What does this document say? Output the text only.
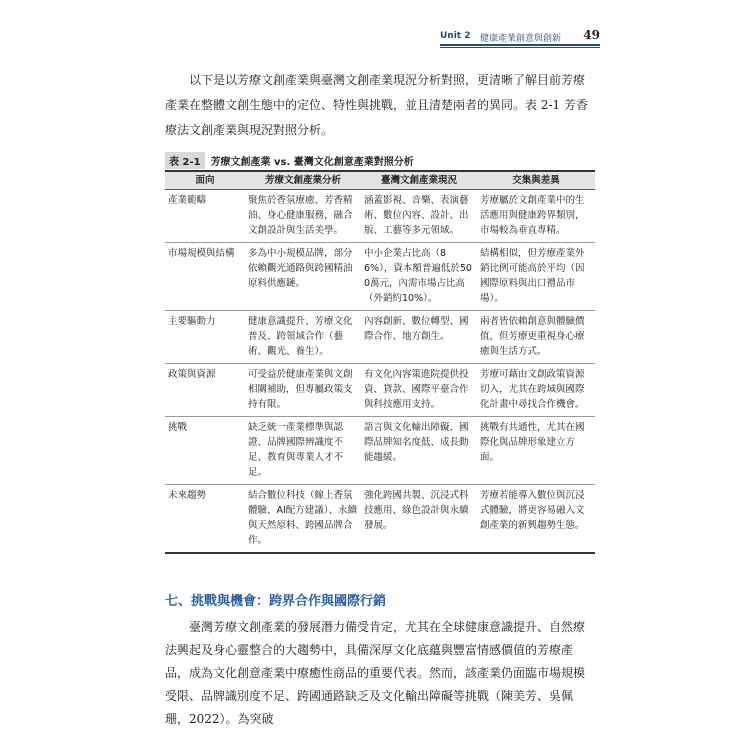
Unit 2 健康產業創意與創新 49

以下是以芳療文創產業與臺灣文創產業現況分析對照，更清晰了解目前芳療產業在整體文創生態中的定位、特性與挑戰，並且清楚兩者的異同。表 2-1 芳香療法文創產業與現況對照分析。

表 2-1 芳療文創產業 vs. 臺灣文化創意產業對照分析
面向	芳療文創產業分析	臺灣文創產業現況	交集與差異
產業範疇	聚焦於香氛療癒、芳香精油、身心健康服務，融合文創設計與生活美學。	涵蓋影視、音樂、表演藝術、數位內容、設計、出版、工藝等多元領域。	芳療屬於文創產業中的生活應用與健康跨界類別，市場較為垂直專精。
市場規模與結構	多為中小規模品牌，部分依賴觀光通路與跨國精油原料供應鏈。	中小企業占比高（86%），資本額普遍低於500萬元，內需市場占比高（外銷約10%）。	結構相似，但芳療產業外銷比例可能高於平均（因國際原料與出口禮品市場）。
主要驅動力	健康意識提升、芳療文化普及、跨領域合作（藝術、觀光、養生）。	內容創新、數位轉型、國際合作、地方創生。	兩者皆依賴創意與體驗價值，但芳療更重視身心療癒與生活方式。
政策與資源	可受益於健康產業與文創相關補助，但專屬政策支持有限。	有文化內容策進院提供投資、貸款、國際平臺合作與科技應用支持。	芳療可藉由文創政策資源切入，尤其在跨域與國際化計畫中尋找合作機會。
挑戰	缺乏統一產業標準與認證、品牌國際辨識度不足、教育與專業人才不足。	語言與文化輸出障礙、國際品牌知名度低、成長動能趨緩。	挑戰有共通性，尤其在國際化與品牌形象建立方面。
未來趨勢	結合數位科技（線上香氛體驗、AI配方建議）、永續與天然原料、跨國品牌合作。	強化跨國共製、沉浸式科技應用、綠色設計與永續發展。	芳療若能導入數位與沉浸式體驗，將更容易融入文創產業的新興趨勢生態。
七、挑戰與機會：跨界合作與國際行銷

臺灣芳療文創產業的發展潛力備受肯定，尤其在全球健康意識提升、自然療法興起及身心靈整合的大趨勢中，具備深厚文化底蘊與豐富情感價值的芳療產品，成為文化創意產業中療癒性商品的重要代表。然而，該產業仍面臨市場規模受限、品牌識別度不足、跨國通路缺乏及文化輸出障礙等挑戰（陳美芳、吳佩珊，2022）。為突破
